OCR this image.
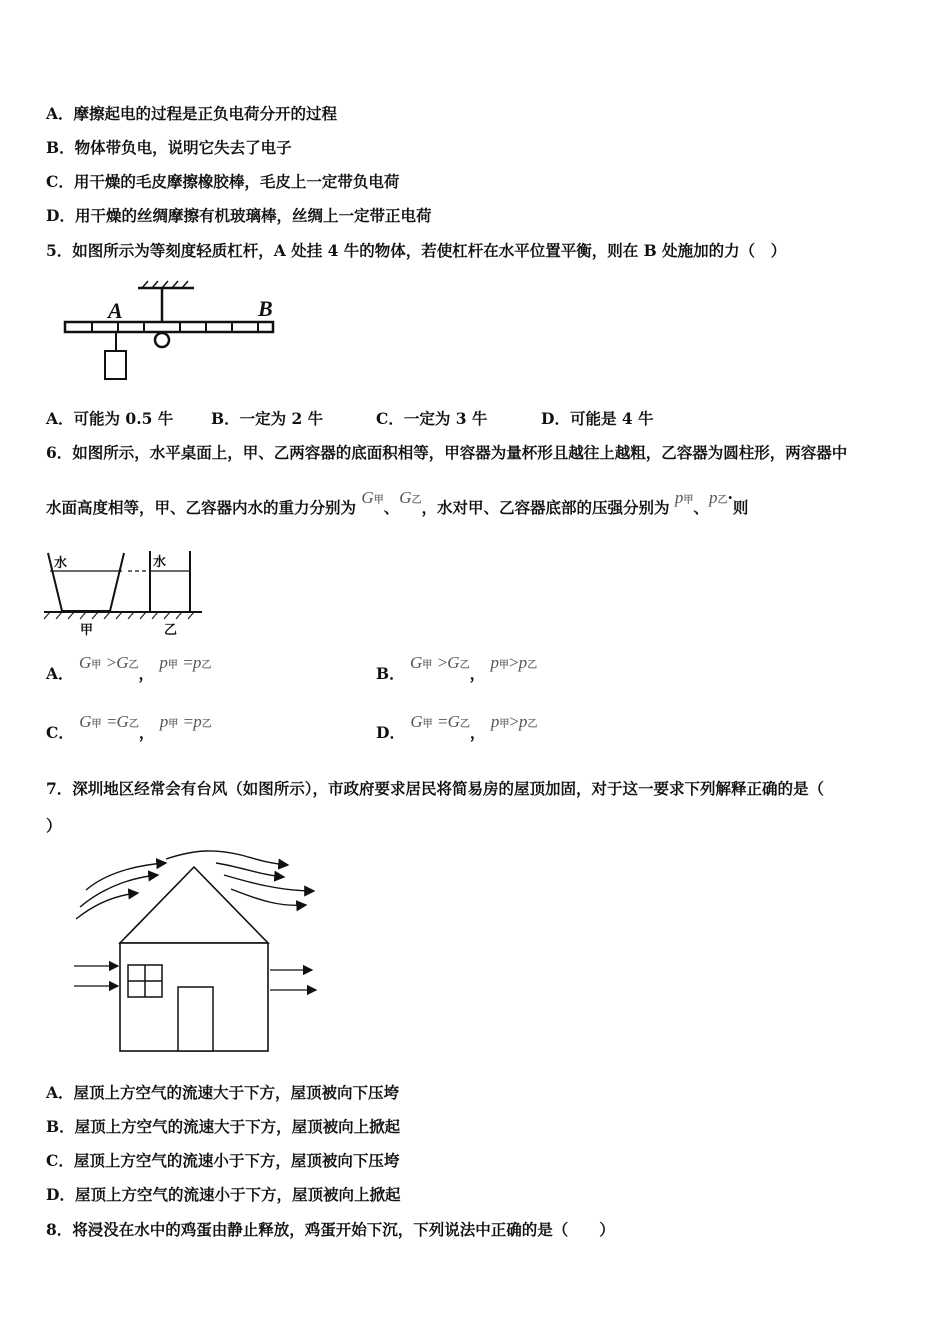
A．摩擦起电的过程是正负电荷分开的过程
B．物体带负电，说明它失去了电子
C．用干燥的毛皮摩擦橡胶棒，毛皮上一定带负电荷
D．用干燥的丝绸摩擦有机玻璃棒，丝绸上一定带正电荷
5．如图所示为等刻度轻质杠杆，A 处挂 4 牛的物体，若使杠杆在水平位置平衡，则在 B 处施加的力（　）
A	B
A．可能为 0.5 牛 B．一定为 2 牛	C．一定为 3 牛	D．可能是 4 牛
6．如图所示，水平桌面上，甲、乙两容器的底面积相等，甲容器为量杯形且越往上越粗，乙容器为圆柱形，两容器中
水面高度相等，甲、乙容器内水的重力分别为 G甲、G乙，水对甲、乙容器底部的压强分别为 p甲、p乙·则
水	水
甲	乙
A． G甲 >G乙， p甲 =p乙	B． G甲 >G乙， p甲>p乙
C． G甲 =G乙， p甲 =p乙	D． G甲 =G乙， p甲>p乙
7．深圳地区经常会有台风（如图所示），市政府要求居民将简易房的屋顶加固，对于这一要求下列解释正确的是（
）
A．屋顶上方空气的流速大于下方，屋顶被向下压垮
B．屋顶上方空气的流速大于下方，屋顶被向上掀起
C．屋顶上方空气的流速小于下方，屋顶被向下压垮
D．屋顶上方空气的流速小于下方，屋顶被向上掀起
8．将浸没在水中的鸡蛋由静止释放，鸡蛋开始下沉，下列说法中正确的是（　　）
